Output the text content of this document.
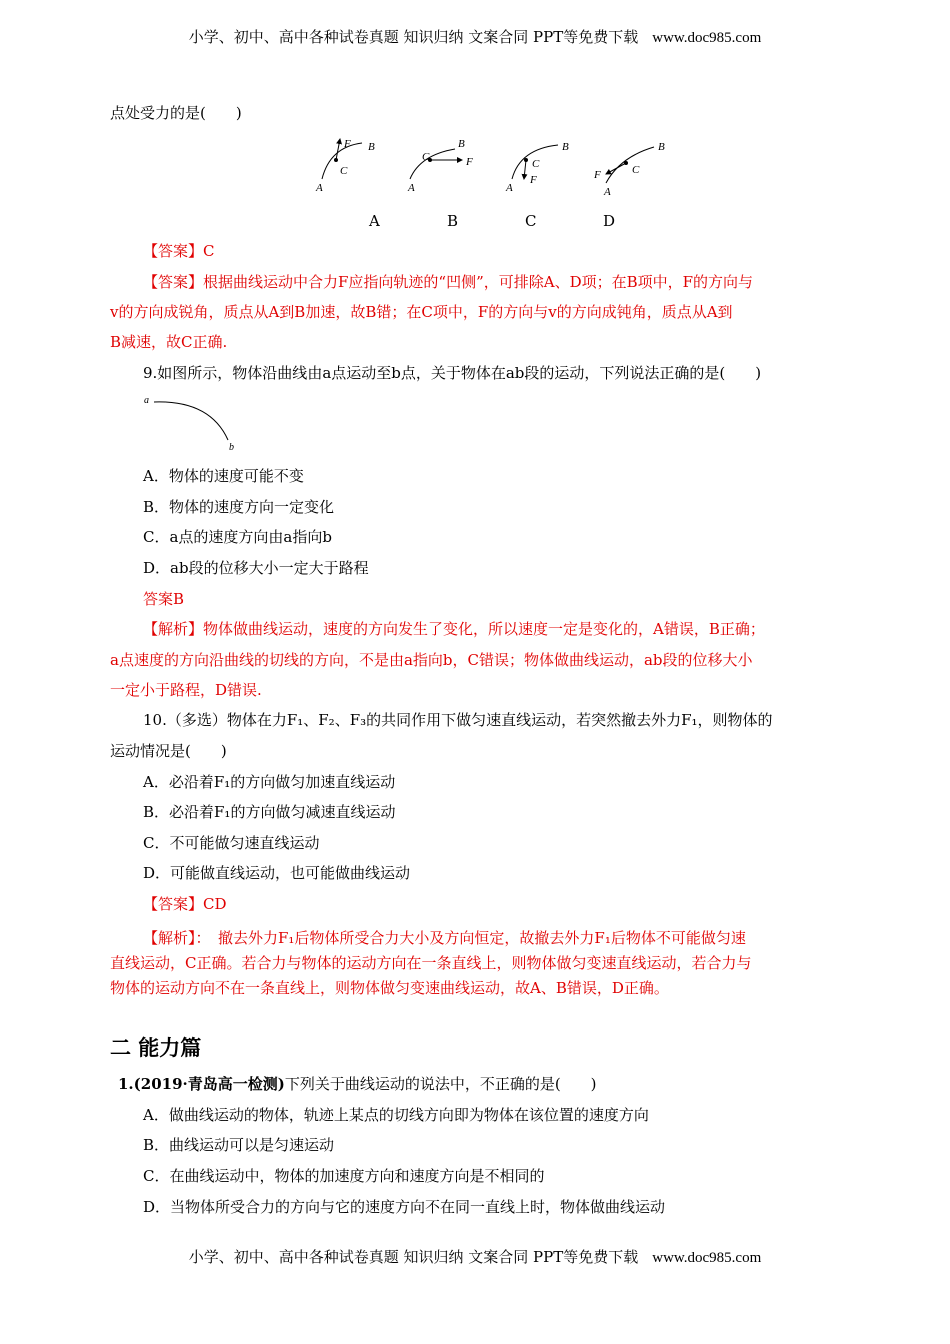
小学、初中、高中各种试卷真题 知识归纳 文案合同 PPT等免费下载 www.doc985.com
点处受力的是(　　)
A
B
C
F
A
B
C	F
A
B
C
F
A
B
C
F
A	B	C	D
【答案】C
【答案】根据曲线运动中合力F应指向轨迹的“凹侧”，可排除A、D项；在B项中，F的方向与
v的方向成锐角，质点从A到B加速，故B错；在C项中，F的方向与v的方向成钝角，质点从A到
B减速，故C正确.
9.如图所示，物体沿曲线由a点运动至b点，关于物体在ab段的运动，下列说法正确的是(　　)
a
b
A．物体的速度可能不变
B．物体的速度方向一定变化
C．a点的速度方向由a指向b
D．ab段的位移大小一定大于路程
答案B
【解析】物体做曲线运动，速度的方向发生了变化，所以速度一定是变化的，A错误，B正确；
a点速度的方向沿曲线的切线的方向，不是由a指向b，C错误；物体做曲线运动，ab段的位移大小
一定小于路程，D错误.
10.（多选）物体在力F₁、F₂、F₃的共同作用下做匀速直线运动，若突然撤去外力F₁，则物体的
运动情况是(　　)
A．必沿着F₁的方向做匀加速直线运动
B．必沿着F₁的方向做匀减速直线运动
C．不可能做匀速直线运动
D．可能做直线运动，也可能做曲线运动
【答案】CD
【解析】：　撤去外力F₁后物体所受合力大小及方向恒定，故撤去外力F₁后物体不可能做匀速
直线运动，C正确。若合力与物体的运动方向在一条直线上，则物体做匀变速直线运动，若合力与
物体的运动方向不在一条直线上，则物体做匀变速曲线运动，故A、B错误，D正确。
二 能力篇
1.(2019·青岛高一检测)下列关于曲线运动的说法中，不正确的是(　　)
A．做曲线运动的物体，轨迹上某点的切线方向即为物体在该位置的速度方向
B．曲线运动可以是匀速运动
C．在曲线运动中，物体的加速度方向和速度方向是不相同的
D．当物体所受合力的方向与它的速度方向不在同一直线上时，物体做曲线运动
小学、初中、高中各种试卷真题 知识归纳 文案合同 PPT等免费下载 www.doc985.com
